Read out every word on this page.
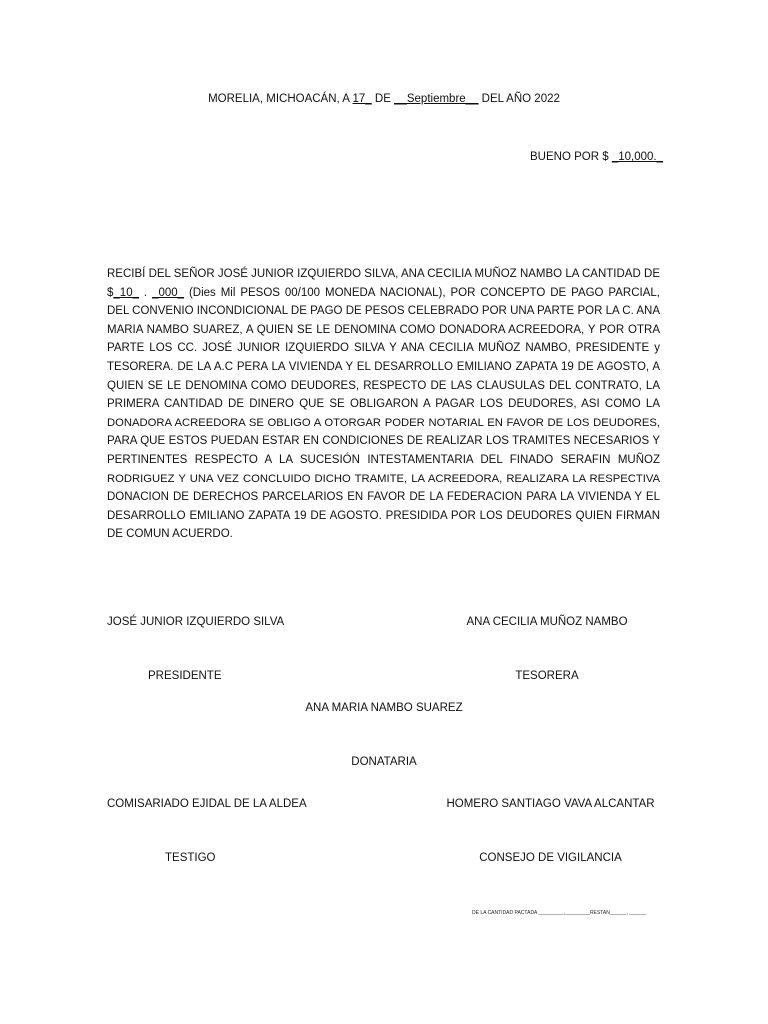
MORELIA, MICHOACÁN, A 17_ DE __Septiembre__ DEL AÑO 2022
BUENO POR $ _10,000._
RECIBÍ DEL SEÑOR JOSÉ JUNIOR IZQUIERDO SILVA, ANA CECILIA MUÑOZ NAMBO LA CANTIDAD DE
$_10_ . _000_ (Dies Mil PESOS 00/100 MONEDA NACIONAL), POR CONCEPTO DE PAGO PARCIAL,
DEL CONVENIO INCONDICIONAL DE PAGO DE PESOS CELEBRADO POR UNA PARTE POR LA C. ANA
MARIA NAMBO SUAREZ, A QUIEN SE LE DENOMINA COMO DONADORA ACREEDORA, Y POR OTRA
PARTE LOS CC. JOSÉ JUNIOR IZQUIERDO SILVA Y ANA CECILIA MUÑOZ NAMBO, PRESIDENTE y
TESORERA. DE LA A.C PERA LA VIVIENDA Y EL DESARROLLO EMILIANO ZAPATA 19 DE AGOSTO, A
QUIEN SE LE DENOMINA COMO DEUDORES, RESPECTO DE LAS CLAUSULAS DEL CONTRATO, LA
PRIMERA CANTIDAD DE DINERO QUE SE OBLIGARON A PAGAR LOS DEUDORES, ASI COMO LA
DONADORA ACREEDORA SE OBLIGO A OTORGAR PODER NOTARIAL EN FAVOR DE LOS DEUDORES,
PARA QUE ESTOS PUEDAN ESTAR EN CONDICIONES DE REALIZAR LOS TRAMITES NECESARIOS Y
PERTINENTES RESPECTO A LA SUCESIÓN INTESTAMENTARIA DEL FINADO SERAFIN MUÑOZ
RODRIGUEZ Y UNA VEZ CONCLUIDO DICHO TRAMITE, LA ACREEDORA, REALIZARA LA RESPECTIVA
DONACION DE DERECHOS PARCELARIOS EN FAVOR DE LA FEDERACION PARA LA VIVIENDA Y EL
DESARROLLO EMILIANO ZAPATA 19 DE AGOSTO. PRESIDIDA POR LOS DEUDORES QUIEN FIRMAN
DE COMUN ACUERDO.

JOSÉ JUNIOR IZQUIERDO SILVA

PRESIDENTE

ANA CECILIA MUÑOZ NAMBO

TESORERA

ANA MARIA NAMBO SUAREZ

DONATARIA

COMISARIADO EJIDAL DE LA ALDEA

TESTIGO

HOMERO SANTIAGO VAVA ALCANTAR

CONSEJO DE VIGILANCIA

DE LA CANTIDAD PACTADA _________,_________RESTAN______, ______
